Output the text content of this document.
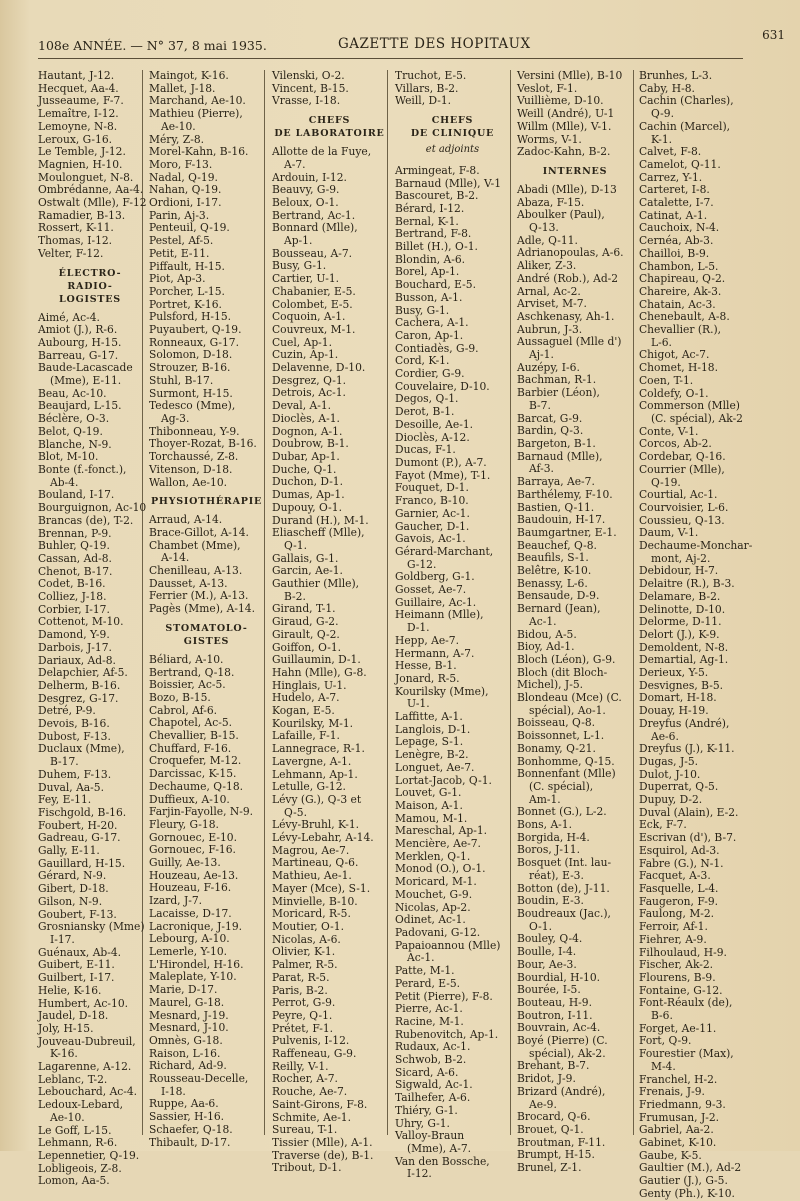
108e ANNÉE. — N° 37, 8 mai 1935.	GAZETTE DES HOPITAUX
631
Hautant, J-12.
Hecquet, Aa-4.
Jusseaume, F-7.
Lemaître, I-12.
Lemoyne, N-8.
Leroux, G-16.
Le Temble, J-12.
Magnien, H-10.
Moulonguet, N-8.
Ombrédanne, Aa-4.
Ostwalt (Mlle), F-12
Ramadier, B-13.
Rossert, K-11.
Thomas, I-12.
Velter, F-12.
ÉLECTRO-RADIO-
LOGISTES
Aimé, Ac-4.
Amiot (J.), R-6.
Aubourg, H-15.
Barreau, G-17.
Baude-Lacascade
(Mme), E-11.
Beau, Ac-10.
Beaujard, L-15.
Béclère, O-3.
Belot, Q-19.
Blanche, N-9.
Blot, M-10.
Bonte (f.-fonct.),
Ab-4.
Bouland, I-17.
Bourguignon, Ac-10
Brancas (de), T-2.
Brennan, P-9.
Buhler, Q-19.
Cassan, Ad-8.
Chenot, B-17.
Codet, B-16.
Colliez, J-18.
Corbier, I-17.
Cottenot, M-10.
Damond, Y-9.
Darbois, J-17.
Dariaux, Ad-8.
Delapchier, Af-5.
Delherm, B-16.
Desgrez, G-17.
Detré, P-9.
Devois, B-16.
Dubost, F-13.
Duclaux (Mme),
B-17.
Duhem, F-13.
Duval, Aa-5.
Fey, E-11.
Fischgold, B-16.
Foubert, H-20.
Gadreau, G-17.
Gally, E-11.
Gauillard, H-15.
Gérard, N-9.
Gibert, D-18.
Gilson, N-9.
Goubert, F-13.
Grosnianskу (Mme)
I-17.
Guénaux, Ab-4.
Guibert, E-11.
Guilbert, I-17.
Helie, K-16.
Humbert, Ac-10.
Jaudel, D-18.
Joly, H-15.
Jouveau-Dubreuil,
K-16.
Lagarenne, A-12.
Leblanc, T-2.
Lebouchard, Ac-4.
Ledoux-Lebard,
Ae-10.
Le Goff, L-15.
Lehmann, R-6.
Lepennetier, Q-19.
Lobligeois, Z-8.
Lomon, Aa-5.
Maingot, K-16.
Mallet, J-18.
Marchand, Ae-10.
Mathieu (Pierre),
Ae-10.
Méry, Z-8.
Morel-Kahn, B-16.
Moro, F-13.
Nadal, Q-19.
Nahan, Q-19.
Ordioni, I-17.
Parin, Aj-3.
Penteuil, Q-19.
Pestel, Af-5.
Petit, E-11.
Piffault, H-15.
Piot, Ap-3.
Porcher, L-15.
Portret, K-16.
Pulsford, H-15.
Puyaubert, Q-19.
Ronneaux, G-17.
Solomon, D-18.
Strouzer, B-16.
Stuhl, B-17.
Surmont, H-15.
Tedesco (Mme),
Ag-3.
Thibonneau, Y-9.
Thoyer-Rozat, B-16.
Torchaussé, Z-8.
Vitenson, D-18.
Wallon, Ae-10.
PHYSIOTHÉRAPIE
Arraud, A-14.
Brace-Gillot, A-14.
Chambet (Mme),
A-14.
Chenilleau, A-13.
Dausset, A-13.
Ferrier (M.), A-13.
Pagès (Mme), A-14.
STOMATOLO-
GISTES
Béliard, A-10.
Bertrand, Q-18.
Boissier, Ac-5.
Bozo, B-15.
Cabrol, Af-6.
Chapotel, Ac-5.
Chevallier, B-15.
Chuffard, F-16.
Croquefer, M-12.
Darcissac, K-15.
Dechaume, Q-18.
Duffieux, A-10.
Farjin-Fayolle, N-9.
Fleury, G-18.
Gornouec, E-10.
Gornouec, F-16.
Guilly, Ae-13.
Houzeau, Ae-13.
Houzeau, F-16.
Izard, J-7.
Lacaisse, D-17.
Lacronique, J-19.
Lebourg, A-10.
Lemerle, Y-10.
L'Hirondel, H-16.
Maleplate, Y-10.
Marie, D-17.
Maurel, G-18.
Mesnard, J-19.
Mesnard, J-10.
Omnès, G-18.
Raison, L-16.
Richard, Ad-9.
Rousseau-Decelle,
I-18.
Ruppe, Aa-6.
Sassier, H-16.
Schaefer, Q-18.
Thibault, D-17.
Vilenski, O-2.
Vincent, B-15.
Vrasse, I-18.
CHEFS
DE LABORATOIRE
Allotte de la Fuye,
A-7.
Ardouin, I-12.
Beauvy, G-9.
Beloux, O-1.
Bertrand, Ac-1.
Bonnard (Mlle),
Ap-1.
Bousseau, A-7.
Busy, G-1.
Cartier, U-1.
Chabanier, E-5.
Colombet, E-5.
Coquoin, A-1.
Couvreux, M-1.
Cuel, Ap-1.
Cuzin, Ap-1.
Delavenne, D-10.
Desgrez, Q-1.
Detrois, Ac-1.
Deval, A-1.
Dioclès, A-1.
Dognon, A-1.
Doubrow, B-1.
Dubar, Ap-1.
Duche, Q-1.
Duchon, D-1.
Dumas, Ap-1.
Dupouy, O-1.
Durand (H.), M-1.
Eliascheff (Mlle),
Q-1.
Gallais, G-1.
Garcin, Ae-1.
Gauthier (Mlle),
B-2.
Girand, T-1.
Giraud, G-2.
Girault, Q-2.
Goiffon, O-1.
Guillaumin, D-1.
Hahn (Mlle), G-8.
Hinglais, U-1.
Hudelo, A-7.
Kogan, E-5.
Kourilsky, M-1.
Lafaille, F-1.
Lannegrace, R-1.
Lavergne, A-1.
Lehmann, Ap-1.
Letulle, G-12.
Lévy (G.), Q-3 et
Q-5.
Lévy-Bruhl, K-1.
Lévy-Lebahr, A-14.
Magrou, Ae-7.
Martineau, Q-6.
Mathieu, Ae-1.
Mayer (Mce), S-1.
Minvielle, B-10.
Moricard, R-5.
Moutier, O-1.
Nicolas, A-6.
Olivier, K-1.
Palmer, R-5.
Parat, R-5.
Paris, B-2.
Perrot, G-9.
Peyre, Q-1.
Prétet, F-1.
Pulvenis, I-12.
Raffeneau, G-9.
Reilly, V-1.
Rocher, A-7.
Rouche, Ae-7.
Saint-Girons, F-8.
Schmite, Ae-1.
Sureau, T-1.
Tissier (Mlle), A-1.
Traverse (de), B-1.
Tribout, D-1.
Truchot, E-5.
Villars, B-2.
Weill, D-1.
CHEFS
DE CLINIQUE
et adjoints
Armingeat, F-8.
Barnaud (Mlle), V-1
Bascouret, B-2.
Bérard, I-12.
Bernal, K-1.
Bertrand, F-8.
Billet (H.), O-1.
Blondin, A-6.
Borel, Ap-1.
Bouchard, E-5.
Busson, A-1.
Busy, G-1.
Cachera, A-1.
Caron, Ap-1.
Contiadès, G-9.
Cord, K-1.
Cordier, G-9.
Couvelaire, D-10.
Degos, Q-1.
Derot, B-1.
Desoille, Ae-1.
Dioclès, A-12.
Ducas, F-1.
Dumont (P.), A-7.
Fayot (Mme), T-1.
Fouquet, D-1.
Franco, B-10.
Garnier, Ac-1.
Gaucher, D-1.
Gavois, Ac-1.
Gérard-Marchant,
G-12.
Goldberg, G-1.
Gosset, Ae-7.
Guillaire, Ac-1.
Heimann (Mlle),
D-1.
Hepp, Ae-7.
Hermann, A-7.
Hesse, B-1.
Jonard, R-5.
Kourilsky (Mme),
U-1.
Laffitte, A-1.
Langlois, D-1.
Lepage, S-1.
Lenègre, B-2.
Longuet, Ae-7.
Lortat-Jacob, Q-1.
Louvet, G-1.
Maison, A-1.
Mamou, M-1.
Mareschal, Ap-1.
Mencière, Ae-7.
Merklen, Q-1.
Monod (O.), O-1.
Moricard, M-1.
Mouchet, G-9.
Nicolas, Ap-2.
Odinet, Ac-1.
Padovani, G-12.
Papaioannou (Mlle)
Ac-1.
Patte, M-1.
Perard, E-5.
Petit (Pierre), F-8.
Pierre, Ac-1.
Racine, M-1.
Rubenovitch, Ap-1.
Rudaux, Ac-1.
Schwob, B-2.
Sicard, A-6.
Sigwald, Ac-1.
Tailhefer, A-6.
Thiéry, G-1.
Uhry, G-1.
Valloy-Braun
(Mme), A-7.
Van den Bossche,
I-12.
Versini (Mlle), B-10
Veslot, F-1.
Vuillième, D-10.
Weill (André), U-1
Willm (Mlle), V-1.
Worms, V-1.
Zadoc-Kahn, B-2.
INTERNES
Abadi (Mlle), D-13
Abaza, F-15.
Aboulker (Paul),
Q-13.
Adle, Q-11.
Adrianopoulas, A-6.
Aliker, Z-3.
André (Rob.), Ad-2
Arnal, Ac-2.
Arviset, M-7.
Aschkenasy, Ah-1.
Aubrun, J-3.
Aussaguel (Mlle d')
Aj-1.
Auzépy, I-6.
Bachman, R-1.
Barbier (Léon),
B-7.
Barcat, G-9.
Bardin, Q-3.
Bargeton, B-1.
Barnaud (Mlle),
Af-3.
Barraya, Ae-7.
Barthélemy, F-10.
Bastien, Q-11.
Baudouin, H-17.
Baumgartner, E-1.
Beauchef, Q-8.
Beaufils, S-1.
Belêtre, K-10.
Benassy, L-6.
Bensaude, D-9.
Bernard (Jean),
Ac-1.
Bidou, A-5.
Bioy, Ad-1.
Bloch (Léon), G-9.
Bloch (dit Bloch-
Michel), J-5.
Blondeau (Mce) (C.
spécial), Ao-1.
Boisseau, Q-8.
Boissonnet, L-1.
Bonamy, Q-21.
Bonhomme, Q-15.
Bonnenfant (Mlle)
(C. spécial),
Am-1.
Bonnet (G.), L-2.
Bons, A-1.
Borgida, H-4.
Boros, J-11.
Bosquet (Int. lau-
réat), E-3.
Botton (de), J-11.
Boudin, E-3.
Boudreaux (Jac.),
O-1.
Bouley, Q-4.
Boulle, I-4.
Bour, Ae-3.
Bourdial, H-10.
Bourée, I-5.
Bouteau, H-9.
Boutron, I-11.
Bouvrain, Ac-4.
Boyé (Pierre) (C.
spécial), Ak-2.
Brehant, B-7.
Bridot, J-9.
Brizard (André),
Ae-9.
Brocard, Q-6.
Brouet, Q-1.
Broutman, F-11.
Brumpt, H-15.
Brunel, Z-1.
Brunhes, L-3.
Caby, H-8.
Cachin (Charles),
Q-9.
Cachin (Marcel),
K-1.
Calvet, F-8.
Camelot, Q-11.
Carrez, Y-1.
Carteret, I-8.
Catalette, I-7.
Catinat, A-1.
Cauchoix, N-4.
Cernéa, Ab-3.
Chailloi, B-9.
Chambon, L-5.
Chapireau, Q-2.
Chareire, Ak-3.
Chatain, Ac-3.
Chenebault, A-8.
Chevallier (R.),
L-6.
Chigot, Ac-7.
Chomet, H-18.
Coen, T-1.
Coldefy, O-1.
Commerson (Mlle)
(C. spécial), Ak-2
Conte, V-1.
Corcos, Ab-2.
Cordebar, Q-16.
Courrier (Mlle),
Q-19.
Courtial, Ac-1.
Courvoisier, L-6.
Coussieu, Q-13.
Daum, V-1.
Dechaume-Monchar-
mont, Aj-2.
Debidour, H-7.
Delaitre (R.), B-3.
Delamare, B-2.
Delinotte, D-10.
Delorme, D-11.
Delort (J.), K-9.
Demoldent, N-8.
Demartial, Ag-1.
Derieux, Y-5.
Desvignes, B-5.
Domart, H-18.
Douay, H-19.
Dreyfus (André),
Ae-6.
Dreyfus (J.), K-11.
Dugas, J-5.
Dulot, J-10.
Duperrat, Q-5.
Dupuy, D-2.
Duval (Alain), E-2.
Eck, F-7.
Escrivan (d'), B-7.
Esquirol, Ad-3.
Fabre (G.), N-1.
Facquet, A-3.
Fasquelle, L-4.
Faugeron, F-9.
Faulong, M-2.
Ferroir, Af-1.
Fiehrer, A-9.
Filhoulaud, H-9.
Fischer, Ak-2.
Flourens, B-9.
Fontaine, G-12.
Font-Réaulx (de),
B-6.
Forget, Ae-11.
Fort, Q-9.
Fourestier (Max),
M-4.
Franchel, H-2.
Frenais, J-9.
Friedmann, 9-3.
Frumusan, J-2.
Gabriel, Aa-2.
Gabinet, K-10.
Gaube, K-5.
Gaultier (M.), Ad-2
Gautier (J.), G-5.
Genty (Ph.), K-10.
